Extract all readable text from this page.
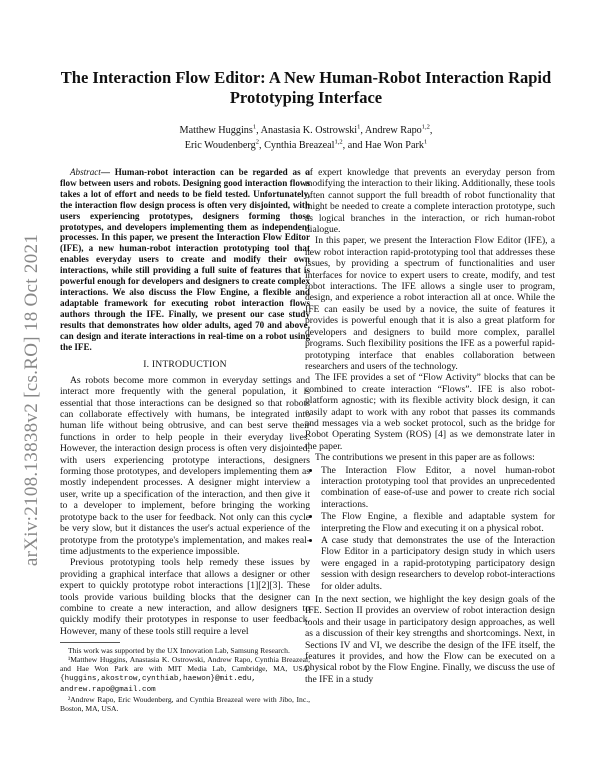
arXiv:2108.13838v2 [cs.RO] 18 Oct 2021
The Interaction Flow Editor: A New Human-Robot Interaction Rapid Prototyping Interface
Matthew Huggins$^1$, Anastasia K. Ostrowski$^1$, Andrew Rapo$^{1,2}$,
Eric Woudenberg$^2$, Cynthia Breazeal$^{1,2}$, and Hae Won Park$^1$

Abstract— Human-robot interaction can be regarded as a flow between users and robots. Designing good interaction flows takes a lot of effort and needs to be field tested. Unfortunately, the interaction flow design process is often very disjointed, with users experiencing prototypes, designers forming those prototypes, and developers implementing them as independent processes. In this paper, we present the Interaction Flow Editor (IFE), a new human-robot interaction prototyping tool that enables everyday users to create and modify their own interactions, while still providing a full suite of features that is powerful enough for developers and designers to create complex interactions. We also discuss the Flow Engine, a flexible and adaptable framework for executing robot interaction flows authors through the IFE. Finally, we present our case study results that demonstrates how older adults, aged 70 and above, can design and iterate interactions in real-time on a robot using the IFE.

I. INTRODUCTION

As robots become more common in everyday settings and interact more frequently with the general population, it is essential that those interactions can be designed so that robots can collaborate effectively with humans, be integrated into human life without being obtrusive, and can best serve their functions in order to help people in their everyday lives. However, the interaction design process is often very disjointed, with users experiencing prototype interactions, designers forming those prototypes, and developers implementing them as mostly independent processes. A designer might interview a user, write up a specification of the interaction, and then give it to a developer to implement, before bringing the working prototype back to the user for feedback. Not only can this cycle be very slow, but it distances the user's actual experience of the prototype from the prototype's implementation, and makes real-time adjustments to the experience impossible.

Previous prototyping tools help remedy these issues by providing a graphical interface that allows a designer or other expert to quickly prototype robot interactions [1][2][3]. These tools provide various building blocks that the designer can combine to create a new interaction, and allow designers to quickly modify their prototypes in response to user feedback. However, many of these tools still require a level

This work was supported by the UX Innovation Lab, Samsung Research.

¹Matthew Huggins, Anastasia K. Ostrowski, Andrew Rapo, Cynthia Breazeal, and Hae Won Park are with MIT Media Lab, Cambridge, MA, USA. {huggins,akostrow,cynthiab,haewon}@mit.edu, andrew.rapo@gmail.com

²Andrew Rapo, Eric Woudenberg, and Cynthia Breazeal were with Jibo, Inc., Boston, MA, USA.

of expert knowledge that prevents an everyday person from modifying the interaction to their liking. Additionally, these tools often cannot support the full breadth of robot functionality that might be needed to create a complete interaction prototype, such as logical branches in the interaction, or rich human-robot dialogue.

In this paper, we present the Interaction Flow Editor (IFE), a new robot interaction rapid-prototyping tool that addresses these issues, by providing a spectrum of functionalities and user interfaces for novice to expert users to create, modify, and test robot interactions. The IFE allows a single user to program, design, and experience a robot interaction all at once. While the IFE can easily be used by a novice, the suite of features it provides is powerful enough that it is also a great platform for developers and designers to build more complex, parallel programs. Such flexibility positions the IFE as a powerful rapid-prototyping interface that enables collaboration between researchers and users of the technology.

The IFE provides a set of “Flow Activity” blocks that can be combined to create interaction “Flows”. IFE is also robot-platform agnostic; with its flexible activity block design, it can easily adapt to work with any robot that passes its commands and messages via a web socket protocol, such as the bridge for Robot Operating System (ROS) [4] as we demonstrate later in the paper.

The contributions we present in this paper are as follows:

• The Interaction Flow Editor, a novel human-robot interaction prototyping tool that provides an unprecedented combination of ease-of-use and power to create rich social interactions.
• The Flow Engine, a flexible and adaptable system for interpreting the Flow and executing it on a physical robot.
• A case study that demonstrates the use of the Interaction Flow Editor in a participatory design study in which users were engaged in a rapid-prototyping participatory design session with design researchers to develop robot-interactions for older adults.

In the next section, we highlight the key design goals of the IFE. Section II provides an overview of robot interaction design tools and their usage in participatory design approaches, as well as a discussion of their key strengths and shortcomings. Next, in Sections IV and VI, we describe the design of the IFE itself, the features it provides, and how the Flow can be executed on a physical robot by the Flow Engine. Finally, we discuss the use of the IFE in a study
